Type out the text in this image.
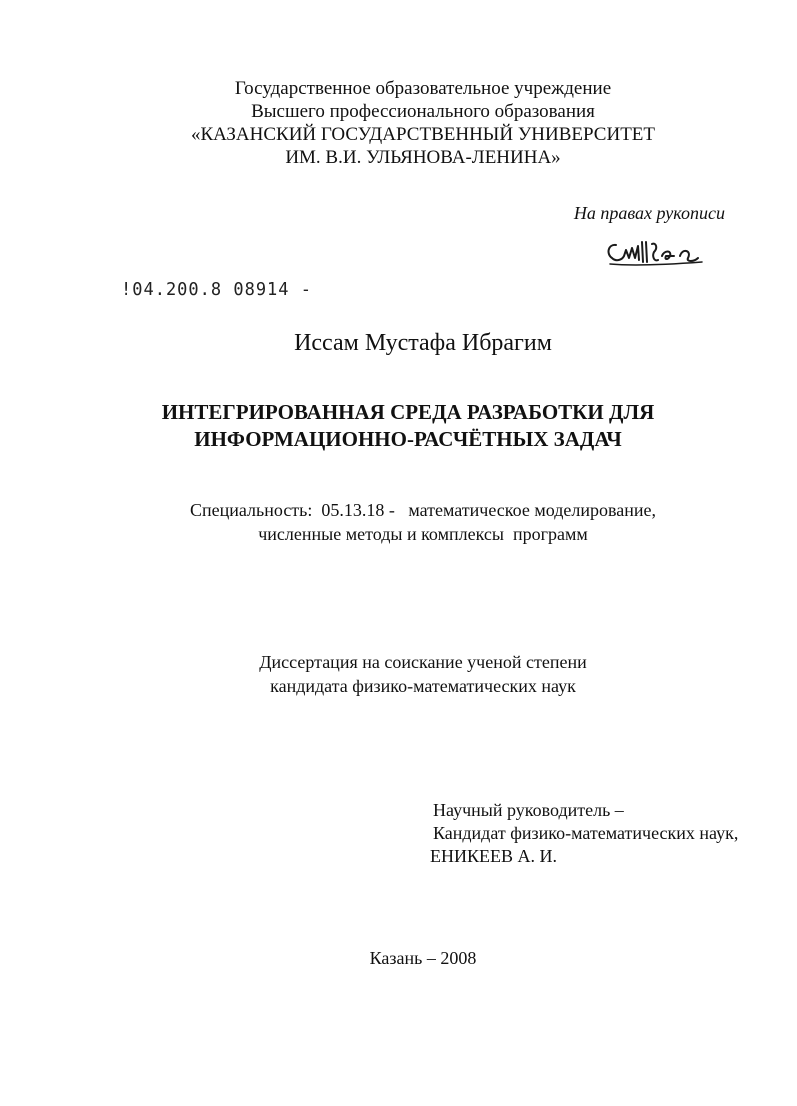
Государственное образовательное учреждение
Высшего профессионального образования
«КАЗАНСКИЙ ГОСУДАРСТВЕННЫЙ УНИВЕРСИТЕТ
ИМ. В.И. УЛЬЯНОВА-ЛЕНИНА»
На правах рукописи
!04.200.8 08914 -
Иссам Мустафа Ибрагим
ИНТЕГРИРОВАННАЯ СРЕДА РАЗРАБОТКИ ДЛЯ
ИНФОРМАЦИОННО-РАСЧЁТНЫХ ЗАДАЧ
Специальность:  05.13.18 -   математическое моделирование,
численные методы и комплексы  программ
Диссертация на соискание ученой степени
кандидата физико-математических наук
Научный руководитель –
Кандидат физико-математических наук,
ЕНИКЕЕВ А. И.
Казань – 2008
